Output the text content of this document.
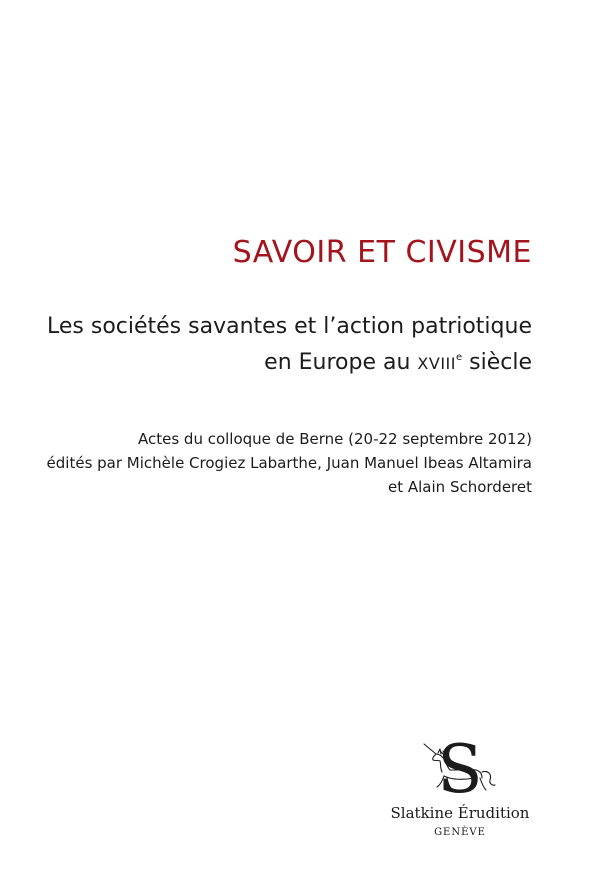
SAVOIR ET CIVISME

Les sociétés savantes et l’action patriotique
en Europe au XVIIIe siècle

Actes du colloque de Berne (20-22 septembre 2012)
édités par Michèle Crogiez Labarthe, Juan Manuel Ibeas Altamira
et Alain Schorderet

S
Slatkine Érudition
GENÈVE
